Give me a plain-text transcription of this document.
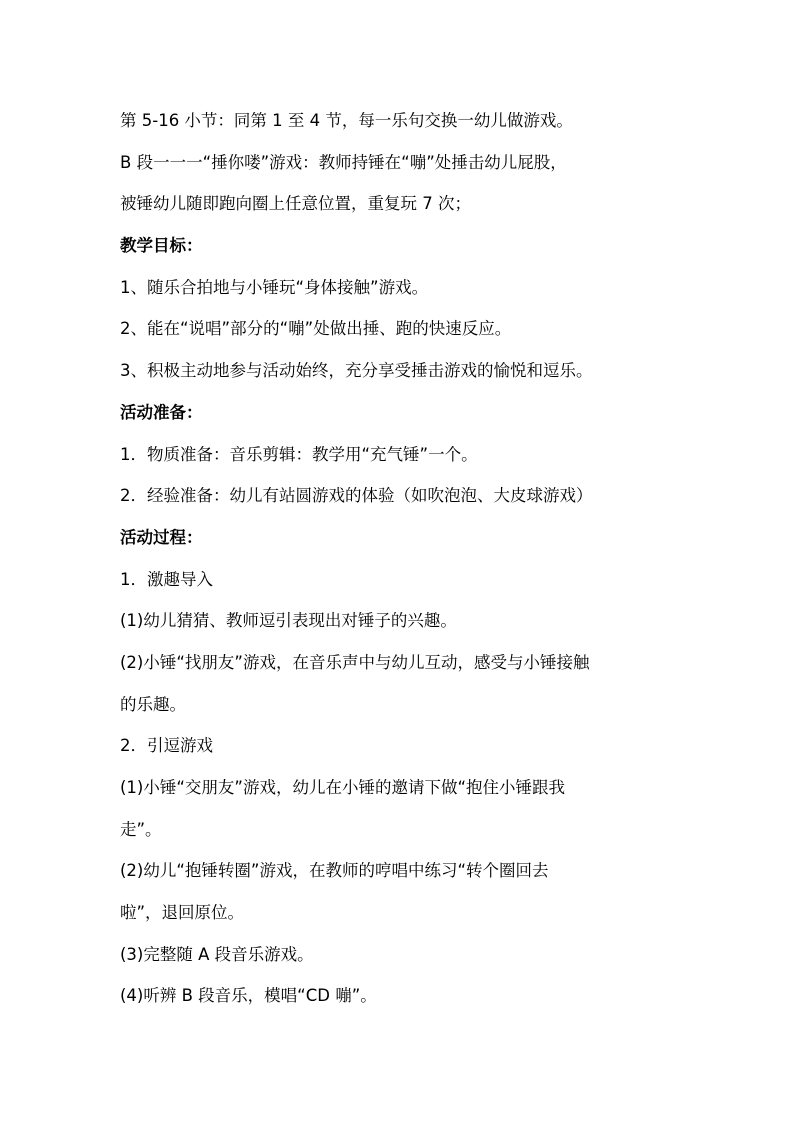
第 5-16 小节：同第 1 至 4 节，每一乐句交换一幼儿做游戏。
B 段一一一“捶你喽”游戏：教师持锤在“嘣”处捶击幼儿屁股，
被锤幼儿随即跑向圈上任意位置，重复玩 7 次；
教学目标：
1、随乐合拍地与小锤玩“身体接触”游戏。
2、能在“说唱”部分的“嘣”处做出捶、跑的快速反应。
3、积极主动地参与活动始终，充分享受捶击游戏的愉悦和逗乐。
活动准备：
1．物质准备：音乐剪辑：教学用“充气锤”一个。
2．经验准备：幼儿有站圆游戏的体验（如吹泡泡、大皮球游戏）
活动过程：
1．激趣导入
(1)幼儿猜猜、教师逗引表现出对锤子的兴趣。
(2)小锤“找朋友”游戏，在音乐声中与幼儿互动，感受与小锤接触
的乐趣。
2．引逗游戏
(1)小锤“交朋友”游戏，幼儿在小锤的邀请下做“抱住小锤跟我
走”。
(2)幼儿“抱锤转圈”游戏，在教师的哼唱中练习“转个圈回去
啦”，退回原位。
(3)完整随 A 段音乐游戏。
(4)听辨 B 段音乐，模唱“CD 嘣”。
